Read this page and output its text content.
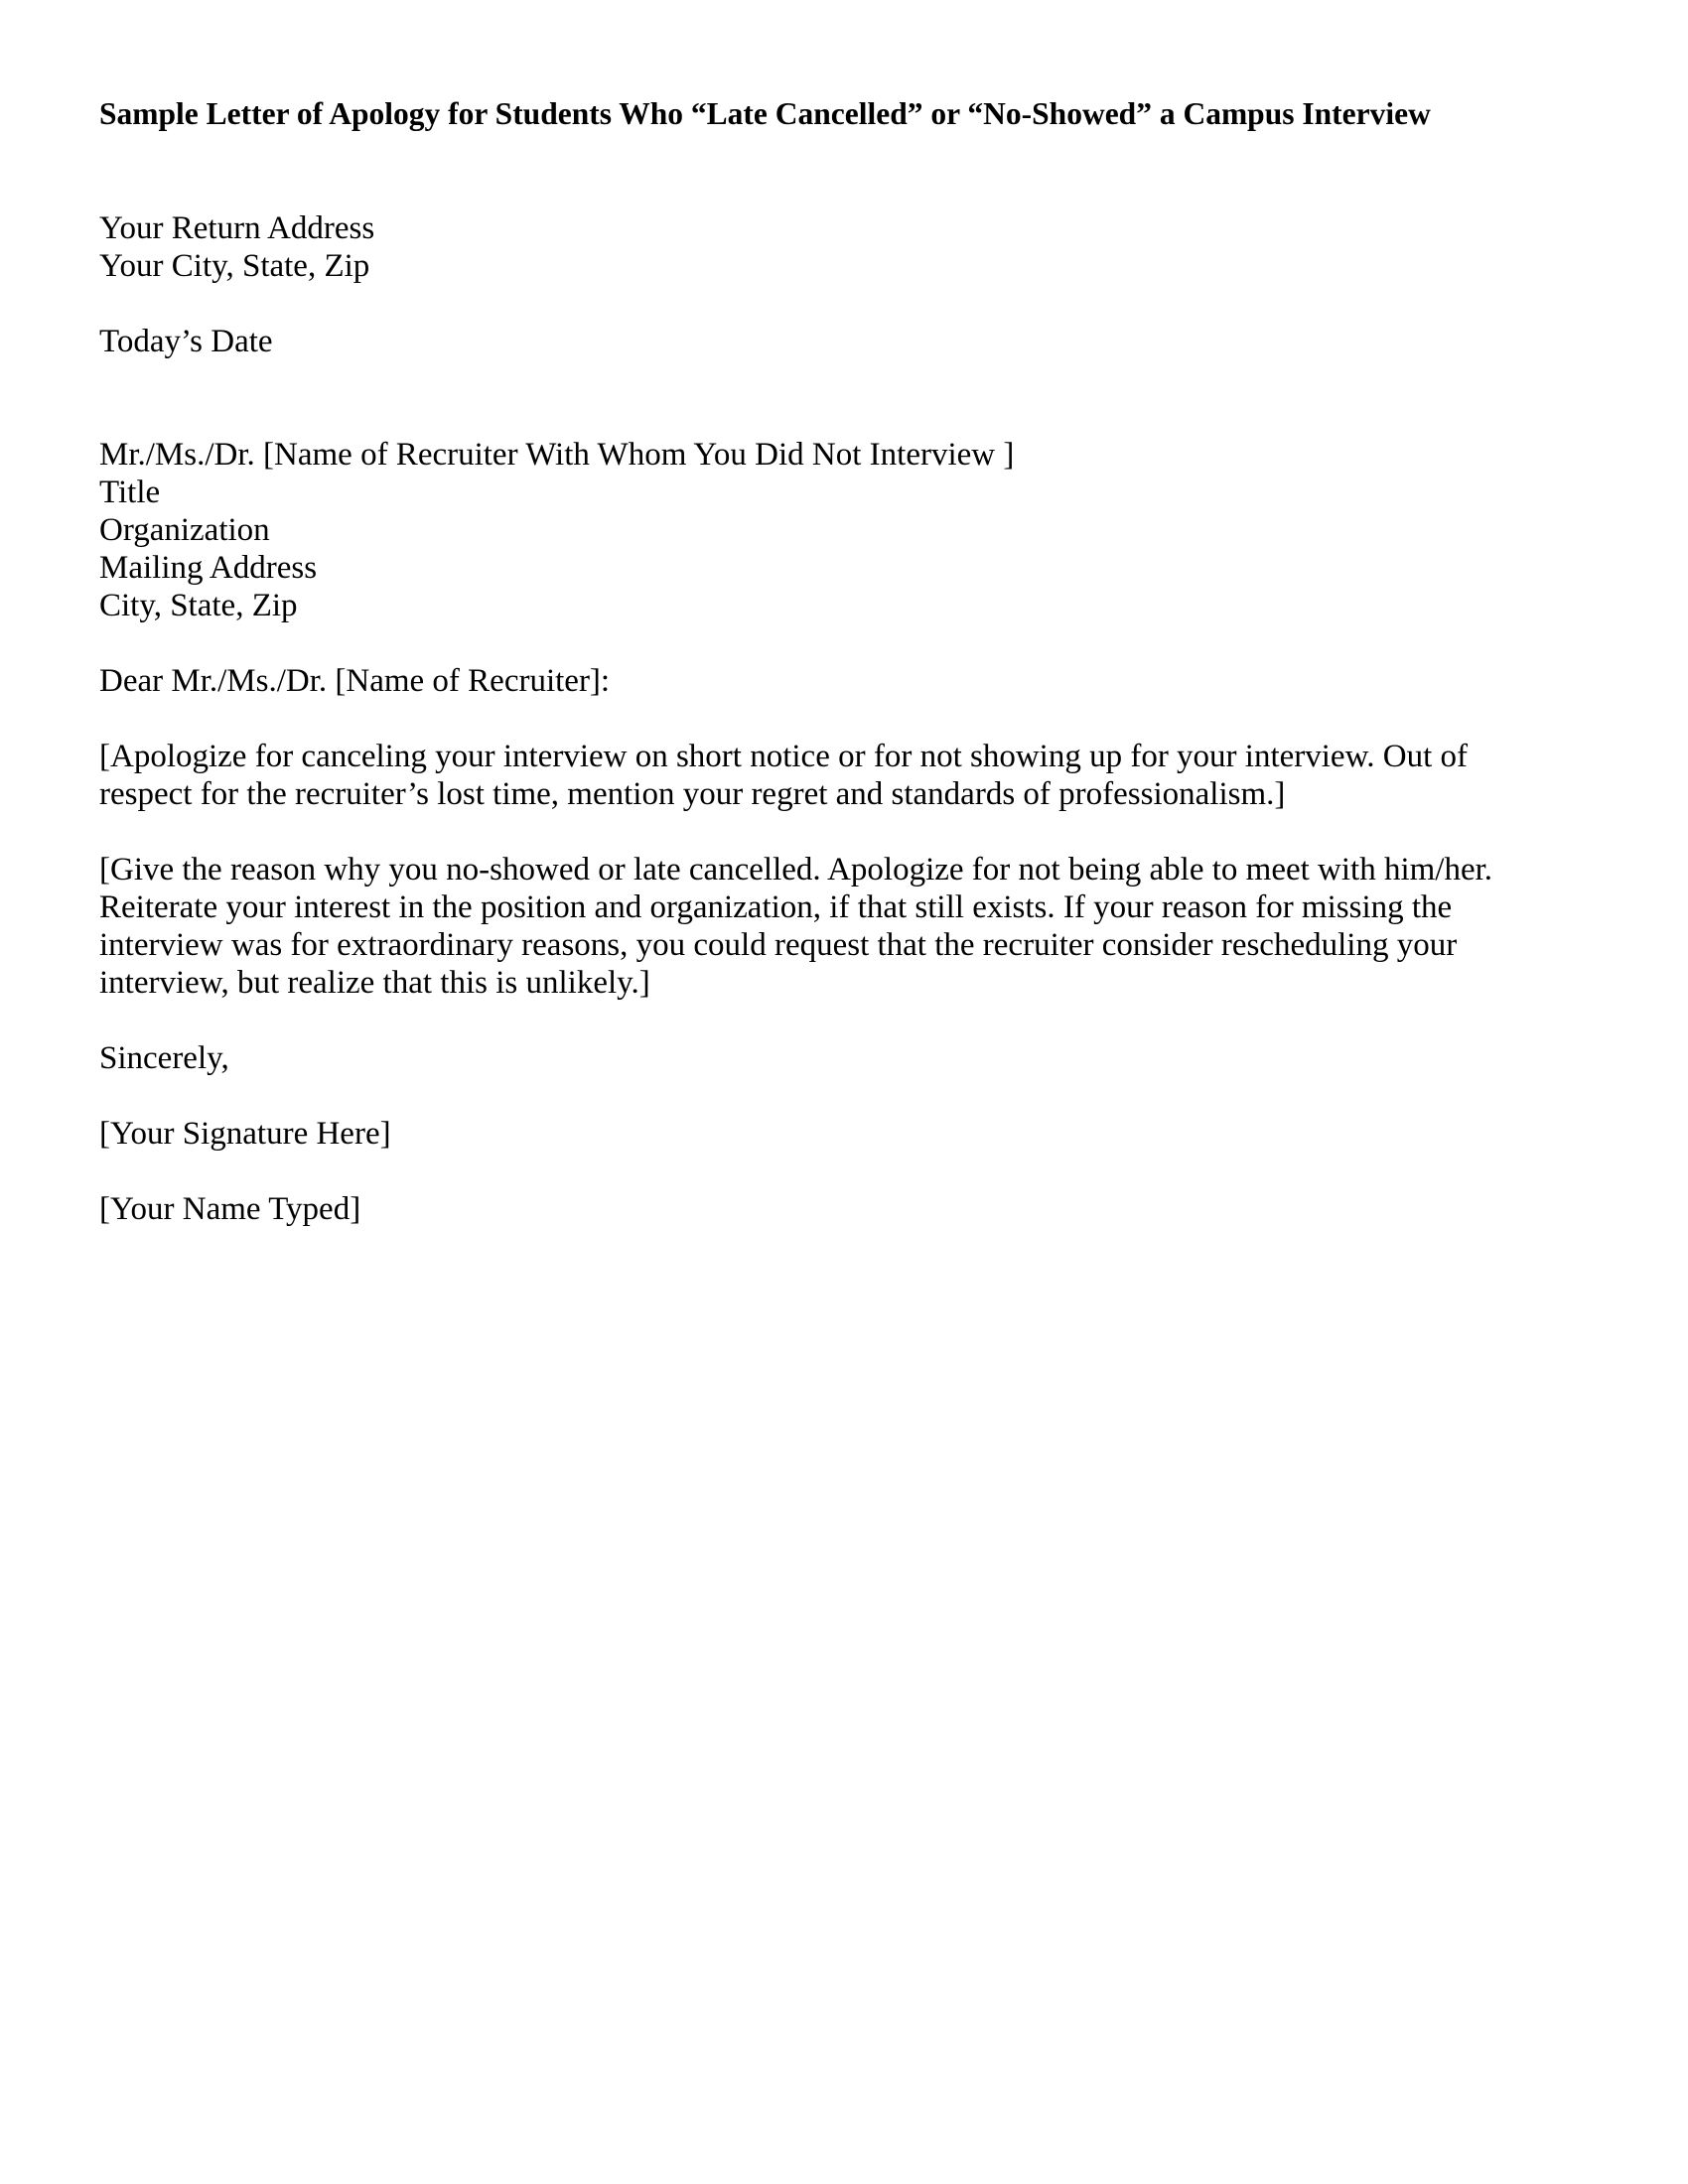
Sample Letter of Apology for Students Who “Late Cancelled” or “No-Showed” a Campus Interview
Your Return Address
Your City, State, Zip
Today’s Date
Mr./Ms./Dr. [Name of Recruiter With Whom You Did Not Interview ]
Title
Organization
Mailing Address
City, State, Zip
Dear Mr./Ms./Dr. [Name of Recruiter]:
[Apologize for canceling your interview on short notice or for not showing up for your interview. Out of
respect for the recruiter’s lost time, mention your regret and standards of professionalism.]
[Give the reason why you no-showed or late cancelled. Apologize for not being able to meet with him/her.
Reiterate your interest in the position and organization, if that still exists. If your reason for missing the
interview was for extraordinary reasons, you could request that the recruiter consider rescheduling your
interview, but realize that this is unlikely.]
Sincerely,
[Your Signature Here]
[Your Name Typed]
